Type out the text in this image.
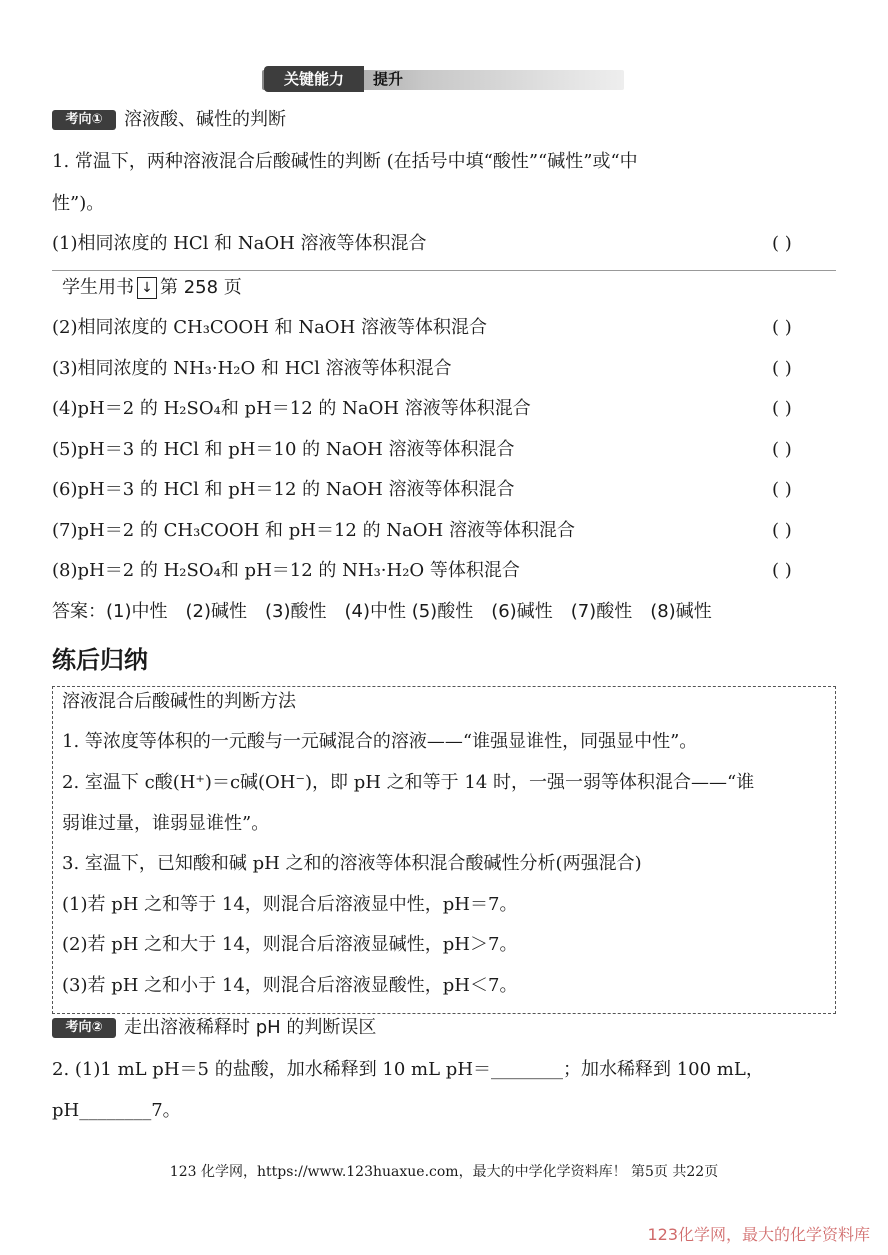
关键能力	提升
考向①	溶液酸、碱性的判断
1. 常温下，两种溶液混合后酸碱性的判断 (在括号中填“酸性”“碱性”或“中
性”)。
(1)相同浓度的 HCl 和 NaOH 溶液等体积混合	( )
学生用书 ↓ 第 258 页
(2)相同浓度的 CH₃COOH 和 NaOH 溶液等体积混合	( )
(3)相同浓度的 NH₃·H₂O 和 HCl 溶液等体积混合	( )
(4)pH＝2 的 H₂SO₄和 pH＝12 的 NaOH 溶液等体积混合	( )
(5)pH＝3 的 HCl 和 pH＝10 的 NaOH 溶液等体积混合	( )
(6)pH＝3 的 HCl 和 pH＝12 的 NaOH 溶液等体积混合	( )
(7)pH＝2 的 CH₃COOH 和 pH＝12 的 NaOH 溶液等体积混合	( )
(8)pH＝2 的 H₂SO₄和 pH＝12 的 NH₃·H₂O 等体积混合	( )
答案：(1)中性　(2)碱性　(3)酸性　(4)中性 (5)酸性　(6)碱性　(7)酸性　(8)碱性
练后归纳
溶液混合后酸碱性的判断方法
1. 等浓度等体积的一元酸与一元碱混合的溶液——“谁强显谁性，同强显中性”。
2. 室温下 c酸(H⁺)＝c碱(OH⁻)，即 pH 之和等于 14 时，一强一弱等体积混合——“谁
弱谁过量，谁弱显谁性”。
3. 室温下，已知酸和碱 pH 之和的溶液等体积混合酸碱性分析(两强混合)
(1)若 pH 之和等于 14，则混合后溶液显中性，pH＝7。
(2)若 pH 之和大于 14，则混合后溶液显碱性，pH＞7。
(3)若 pH 之和小于 14，则混合后溶液显酸性，pH＜7。
考向②	走出溶液稀释时 pH 的判断误区
2. (1)1 mL pH＝5 的盐酸，加水稀释到 10 mL pH＝________；加水稀释到 100 mL，
pH________7。
123 化学网，https://www.123huaxue.com，最大的中学化学资料库！ 第5页 共22页
123化学网，最大的化学资料库
